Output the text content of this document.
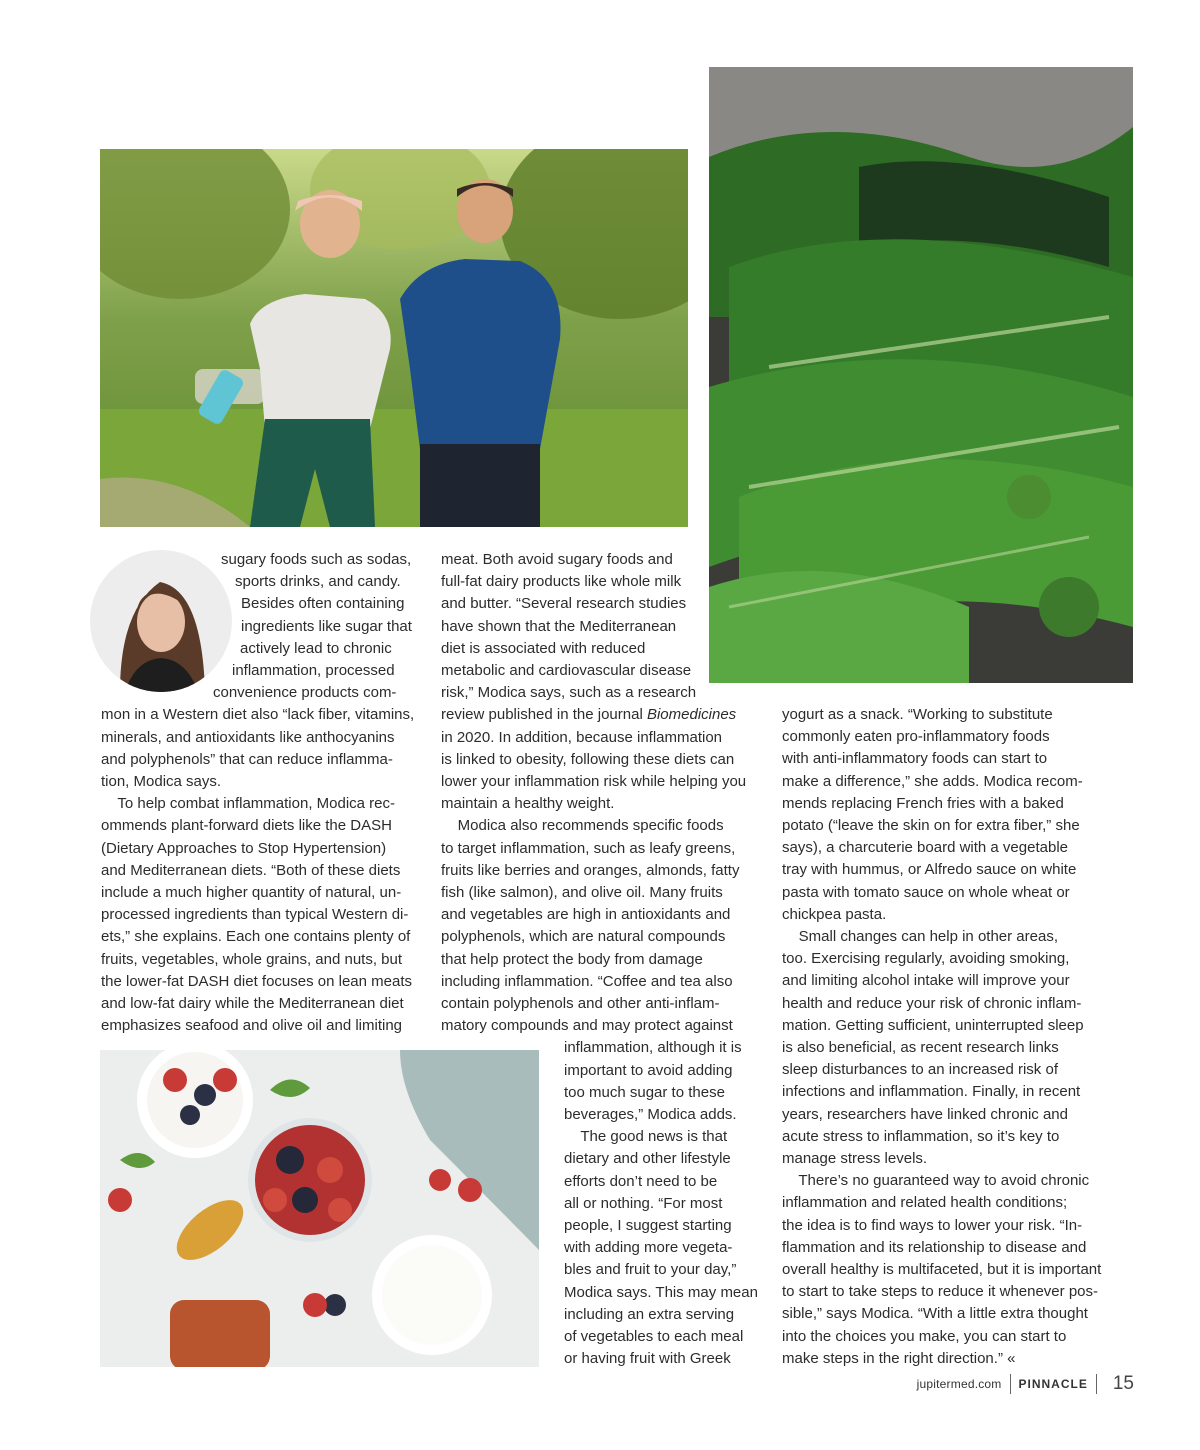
sugary foods such as sodas,
sports drinks, and candy.
Besides often containing
ingredients like sugar that
actively lead to chronic
inflammation, processed
convenience products com-
mon in a Western diet also “lack fiber, vitamins,
minerals, and antioxidants like anthocyanins
and polyphenols” that can reduce inflamma-
tion, Modica says.
To help combat inflammation, Modica rec-
ommends plant-forward diets like the DASH
(Dietary Approaches to Stop Hypertension)
and Mediterranean diets. “Both of these diets
include a much higher quantity of natural, un-
processed ingredients than typical Western di-
ets,” she explains. Each one contains plenty of
fruits, vegetables, whole grains, and nuts, but
the lower-fat DASH diet focuses on lean meats
and low-fat dairy while the Mediterranean diet
emphasizes seafood and olive oil and limiting
meat. Both avoid sugary foods and
full-fat dairy products like whole milk
and butter. “Several research studies
have shown that the Mediterranean
diet is associated with reduced
metabolic and cardiovascular disease
risk,” Modica says, such as a research
review published in the journal Biomedicines
in 2020. In addition, because inflammation
is linked to obesity, following these diets can
lower your inflammation risk while helping you
maintain a healthy weight.
Modica also recommends specific foods
to target inflammation, such as leafy greens,
fruits like berries and oranges, almonds, fatty
fish (like salmon), and olive oil. Many fruits
and vegetables are high in antioxidants and
polyphenols, which are natural compounds
that help protect the body from damage
including inflammation. “Coffee and tea also
contain polyphenols and other anti-inflam-
matory compounds and may protect against
inflammation, although it is
important to avoid adding
too much sugar to these
beverages,” Modica adds.
The good news is that
dietary and other lifestyle
efforts don’t need to be
all or nothing. “For most
people, I suggest starting
with adding more vegeta-
bles and fruit to your day,”
Modica says. This may mean
including an extra serving
of vegetables to each meal
or having fruit with Greek
yogurt as a snack. “Working to substitute
commonly eaten pro-inflammatory foods
with anti-inflammatory foods can start to
make a difference,” she adds. Modica recom-
mends replacing French fries with a baked
potato (“leave the skin on for extra fiber,” she
says), a charcuterie board with a vegetable
tray with hummus, or Alfredo sauce on white
pasta with tomato sauce on whole wheat or
chickpea pasta.
Small changes can help in other areas,
too. Exercising regularly, avoiding smoking,
and limiting alcohol intake will improve your
health and reduce your risk of chronic inflam-
mation. Getting sufficient, uninterrupted sleep
is also beneficial, as recent research links
sleep disturbances to an increased risk of
infections and inflammation. Finally, in recent
years, researchers have linked chronic and
acute stress to inflammation, so it’s key to
manage stress levels.
There’s no guaranteed way to avoid chronic
inflammation and related health conditions;
the idea is to find ways to lower your risk. “In-
flammation and its relationship to disease and
overall healthy is multifaceted, but it is important
to start to take steps to reduce it whenever pos-
sible,” says Modica. “With a little extra thought
into the choices you make, you can start to
make steps in the right direction.” «
jupitermed.com PINNACLE 15
